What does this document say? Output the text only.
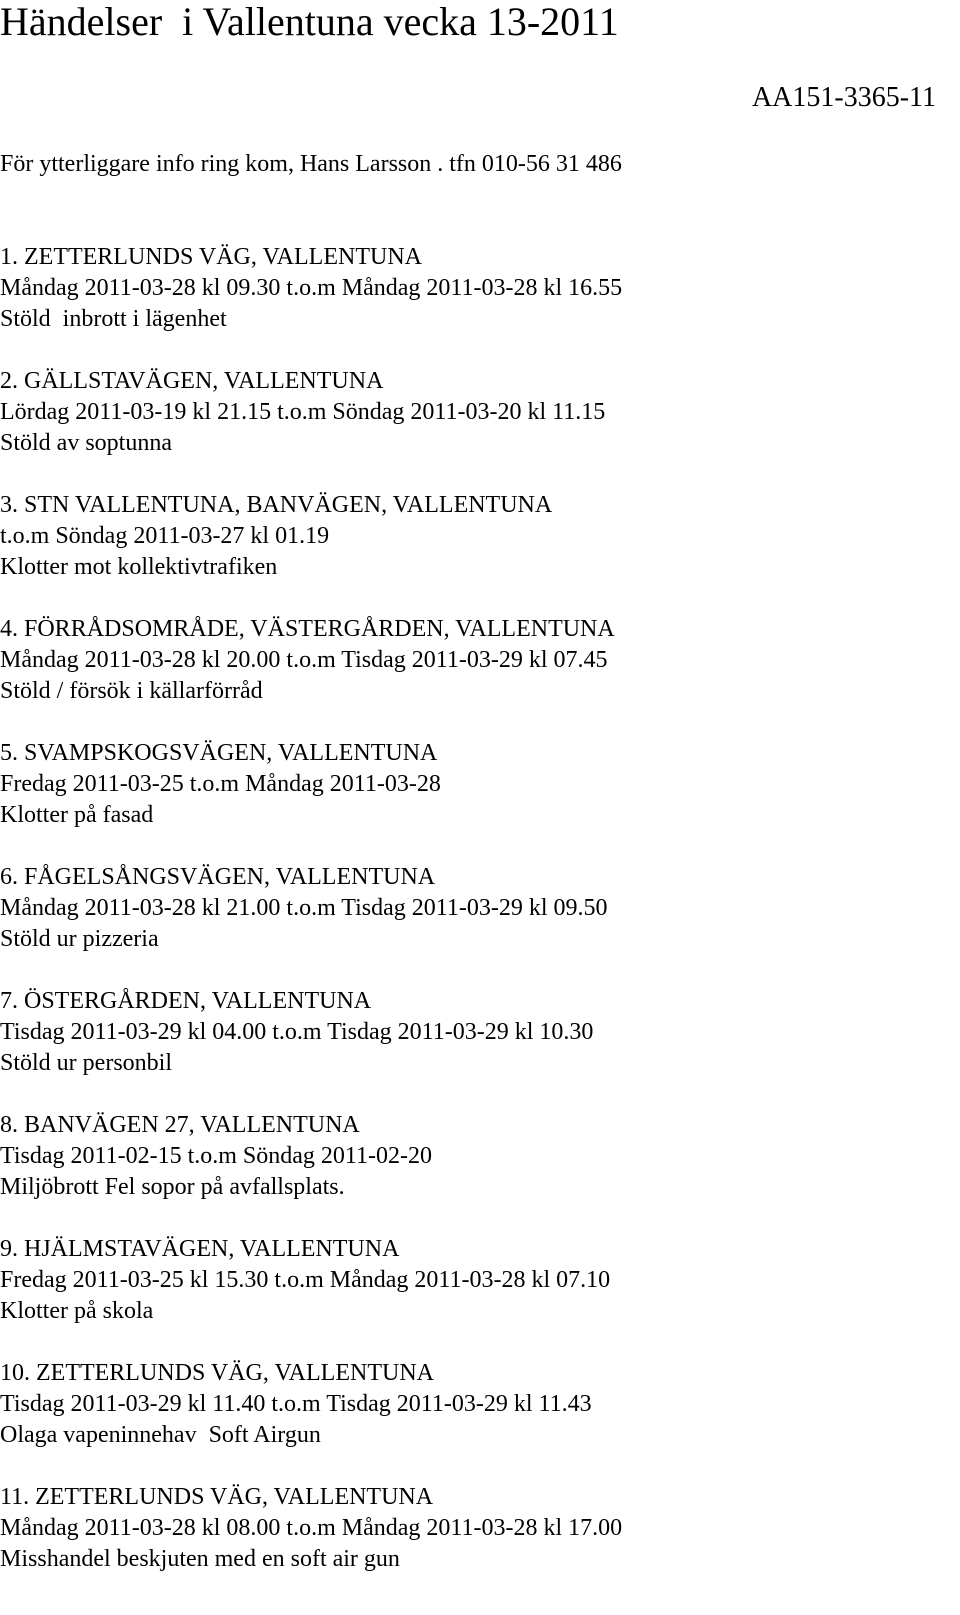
Händelser  i Vallentuna vecka 13-2011
AA151-3365-11
För ytterliggare info ring kom, Hans Larsson . tfn 010-56 31 486
1. ZETTERLUNDS VÄG, VALLENTUNA
Måndag 2011-03-28 kl 09.30 t.o.m Måndag 2011-03-28 kl 16.55
Stöld  inbrott i lägenhet
2. GÄLLSTAVÄGEN, VALLENTUNA
Lördag 2011-03-19 kl 21.15 t.o.m Söndag 2011-03-20 kl 11.15
Stöld av soptunna
3. STN VALLENTUNA, BANVÄGEN, VALLENTUNA
t.o.m Söndag 2011-03-27 kl 01.19
Klotter mot kollektivtrafiken
4. FÖRRÅDSOMRÅDE, VÄSTERGÅRDEN, VALLENTUNA
Måndag 2011-03-28 kl 20.00 t.o.m Tisdag 2011-03-29 kl 07.45
Stöld / försök i källarförråd
5. SVAMPSKOGSVÄGEN, VALLENTUNA
Fredag 2011-03-25 t.o.m Måndag 2011-03-28
Klotter på fasad
6. FÅGELSÅNGSVÄGEN, VALLENTUNA
Måndag 2011-03-28 kl 21.00 t.o.m Tisdag 2011-03-29 kl 09.50
Stöld ur pizzeria
7. ÖSTERGÅRDEN, VALLENTUNA
Tisdag 2011-03-29 kl 04.00 t.o.m Tisdag 2011-03-29 kl 10.30
Stöld ur personbil
8. BANVÄGEN 27, VALLENTUNA
Tisdag 2011-02-15 t.o.m Söndag 2011-02-20
Miljöbrott Fel sopor på avfallsplats.
9. HJÄLMSTAVÄGEN, VALLENTUNA
Fredag 2011-03-25 kl 15.30 t.o.m Måndag 2011-03-28 kl 07.10
Klotter på skola
10. ZETTERLUNDS VÄG, VALLENTUNA
Tisdag 2011-03-29 kl 11.40 t.o.m Tisdag 2011-03-29 kl 11.43
Olaga vapeninnehav  Soft Airgun
11. ZETTERLUNDS VÄG, VALLENTUNA
Måndag 2011-03-28 kl 08.00 t.o.m Måndag 2011-03-28 kl 17.00
Misshandel beskjuten med en soft air gun
